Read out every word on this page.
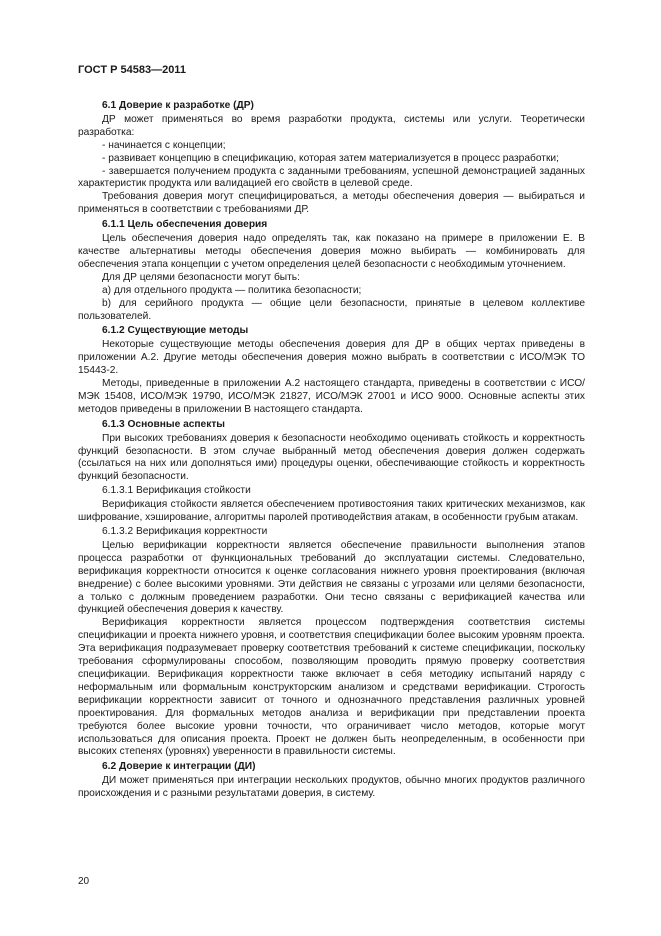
ГОСТ Р 54583—2011

6.1 Доверие к разработке (ДР)

ДР может применяться во время разработки продукта, системы или услуги. Теоретически разработка:

- начинается с концепции;

- развивает концепцию в спецификацию, которая затем материализуется в процесс разработки;

- завершается получением продукта с заданными требованиям, успешной демонстрацией заданных характеристик продукта или валидацией его свойств в целевой среде.

Требования доверия могут специфицироваться, а методы обеспечения доверия — выбираться и применяться в соответствии с требованиями ДР.

6.1.1 Цель обеспечения доверия

Цель обеспечения доверия надо определять так, как показано на примере в приложении Е. В качестве альтернативы методы обеспечения доверия можно выбирать — комбинировать для обеспечения этапа концепции с учетом определения целей безопасности с необходимым уточнением.

Для ДР целями безопасности могут быть:

а) для отдельного продукта — политика безопасности;

b) для серийного продукта — общие цели безопасности, принятые в целевом коллективе пользователей.

6.1.2 Существующие методы

Некоторые существующие методы обеспечения доверия для ДР в общих чертах приведены в приложении А.2. Другие методы обеспечения доверия можно выбрать в соответствии с ИСО/МЭК ТО 15443-2.

Методы, приведенные в приложении А.2 настоящего стандарта, приведены в соответствии с ИСО/МЭК 15408, ИСО/МЭК 19790, ИСО/МЭК 21827, ИСО/МЭК 27001 и ИСО 9000. Основные аспекты этих методов приведены в приложении В настоящего стандарта.

6.1.3 Основные аспекты

При высоких требованиях доверия к безопасности необходимо оценивать стойкость и корректность функций безопасности. В этом случае выбранный метод обеспечения доверия должен содержать (ссылаться на них или дополняться ими) процедуры оценки, обеспечивающие стойкость и корректность функций безопасности.

6.1.3.1 Верификация стойкости

Верификация стойкости является обеспечением противостояния таких критических механизмов, как шифрование, хэширование, алгоритмы паролей противодействия атакам, в особенности грубым атакам.

6.1.3.2 Верификация корректности

Целью верификации корректности является обеспечение правильности выполнения этапов процесса разработки от функциональных требований до эксплуатации системы. Следовательно, верификация корректности относится к оценке согласования нижнего уровня проектирования (включая внедрение) с более высокими уровнями. Эти действия не связаны с угрозами или целями безопасности, а только с должным проведением разработки. Они тесно связаны с верификацией качества или функцией обеспечения доверия к качеству.

Верификация корректности является процессом подтверждения соответствия системы спецификации и проекта нижнего уровня, и соответствия спецификации более высоким уровням проекта. Эта верификация подразумевает проверку соответствия требований к системе спецификации, поскольку требования сформулированы способом, позволяющим проводить прямую проверку соответствия спецификации. Верификация корректности также включает в себя методику испытаний наряду с неформальным или формальным конструкторским анализом и средствами верификации. Строгость верификации корректности зависит от точного и однозначного представления различных уровней проектирования. Для формальных методов анализа и верификации при представлении проекта требуются более высокие уровни точности, что ограничивает число методов, которые могут использоваться для описания проекта. Проект не должен быть неопределенным, в особенности при высоких степенях (уровнях) уверенности в правильности системы.

6.2 Доверие к интеграции (ДИ)

ДИ может применяться при интеграции нескольких продуктов, обычно многих продуктов различного происхождения и с разными результатами доверия, в систему.

20
